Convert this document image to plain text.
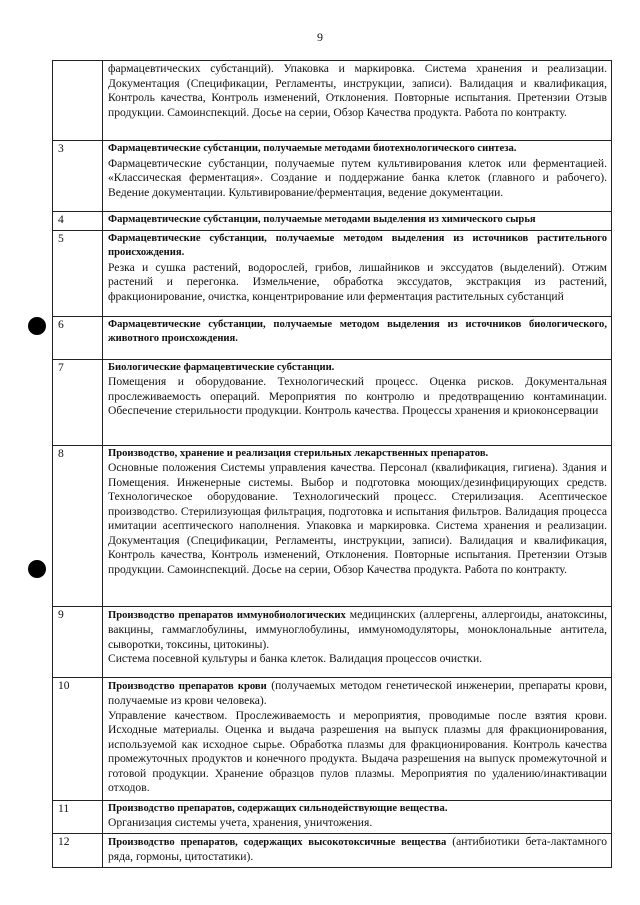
9

	фармацевтических субстанций). Упаковка и маркировка. Система хранения и реализации. Документация (Спецификации, Регламенты, инструкции, записи). Валидация и квалификация, Контроль качества, Контроль изменений, Отклонения. Повторные испытания. Претензии Отзыв продукции. Самоинспекций. Досье на серии, Обзор Качества продукта. Работа по контракту.

3	Фармацевтические субстанции, получаемые методами биотехнологического синтеза.
Фармацевтические субстанции, получаемые путем культивирования клеток или ферментацией. «Классическая ферментация». Создание и поддержание банка клеток (главного и рабочего). Ведение документации. Культивирование/ферментация, ведение документации.

4	Фармацевтические субстанции, получаемые методами выделения из химического сырья

5	Фармацевтические субстанции, получаемые методом выделения из источников растительного происхождения.
Резка и сушка растений, водорослей, грибов, лишайников и экссудатов (выделений). Отжим растений и перегонка. Измельчение, обработка экссудатов, экстракция из растений, фракционирование, очистка, концентрирование или ферментация растительных субстанций

6	Фармацевтические субстанции, получаемые методом выделения из источников биологического, животного происхождения.

7	Биологические фармацевтические субстанции.
Помещения и оборудование. Технологический процесс. Оценка рисков. Документальная прослеживаемость операций. Мероприятия по контролю и предотвращению контаминации. Обеспечение стерильности продукции. Контроль качества. Процессы хранения и криоконсервации

8	Производство, хранение и реализация стерильных лекарственных препаратов.
Основные положения Системы управления качества. Персонал (квалификация, гигиена). Здания и Помещения. Инженерные системы. Выбор и подготовка моющих/дезинфицирующих средств. Технологическое оборудование. Технологический процесс. Стерилизация. Асептическое производство. Стерилизующая фильтрация, подготовка и испытания фильтров. Валидация процесса имитации асептического наполнения. Упаковка и маркировка. Система хранения и реализации. Документация (Спецификации, Регламенты, инструкции, записи). Валидация и квалификация, Контроль качества, Контроль изменений, Отклонения. Повторные испытания. Претензии Отзыв продукции. Самоинспекций. Досье на серии, Обзор Качества продукта. Работа по контракту.

9	Производство препаратов иммунобиологических медицинских (аллергены, аллергоиды, анатоксины, вакцины, гаммаглобулины, иммуноглобулины, иммуномодуляторы, моноклональные антитела, сыворотки, токсины, цитокины).
Система посевной культуры и банка клеток. Валидация процессов очистки.

10	Производство препаратов крови (получаемых методом генетической инженерии, препараты крови, получаемые из крови человека).
Управление качеством. Прослеживаемость и мероприятия, проводимые после взятия крови. Исходные материалы. Оценка и выдача разрешения на выпуск плазмы для фракционирования, используемой как исходное сырье. Обработка плазмы для фракционирования. Контроль качества промежуточных продуктов и конечного продукта. Выдача разрешения на выпуск промежуточной и готовой продукции. Хранение образцов пулов плазмы. Мероприятия по удалению/инактивации отходов.

11	Производство препаратов, содержащих сильнодействующие вещества.
Организация системы учета, хранения, уничтожения.

12	Производство препаратов, содержащих высокотоксичные вещества (антибиотики бета-лактамного ряда, гормоны, цитостатики).
